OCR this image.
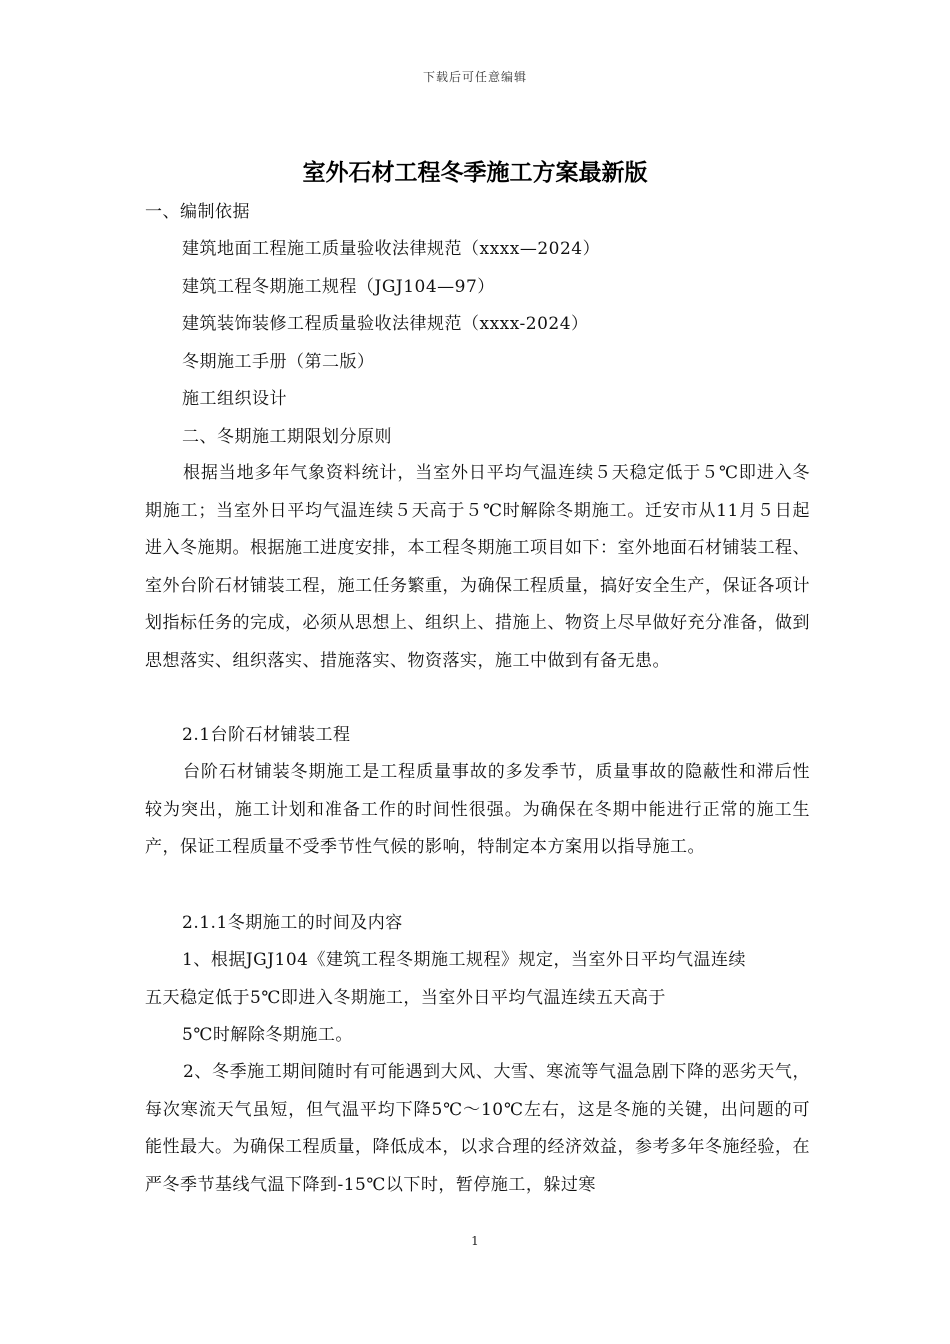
下载后可任意编辑
室外石材工程冬季施工方案最新版
一、编制依据
建筑地面工程施工质量验收法律规范（xxxx—2024）
建筑工程冬期施工规程（JGJ104—97）
建筑装饰装修工程质量验收法律规范（xxxx-2024）
冬期施工手册（第二版）
施工组织设计
二、冬期施工期限划分原则
根据当地多年气象资料统计，当室外日平均气温连续５天稳定低于５℃即进入冬期施工；当室外日平均气温连续５天高于５℃时解除冬期施工。迁安市从11月５日起进入冬施期。根据施工进度安排，本工程冬期施工项目如下：室外地面石材铺装工程、室外台阶石材铺装工程，施工任务繁重，为确保工程质量，搞好安全生产，保证各项计划指标任务的完成，必须从思想上、组织上、措施上、物资上尽早做好充分准备，做到思想落实、组织落实、措施落实、物资落实，施工中做到有备无患。
2.1台阶石材铺装工程
台阶石材铺装冬期施工是工程质量事故的多发季节，质量事故的隐蔽性和滞后性较为突出，施工计划和准备工作的时间性很强。为确保在冬期中能进行正常的施工生产，保证工程质量不受季节性气候的影响，特制定本方案用以指导施工。
2.1.1冬期施工的时间及内容
1、根据JGJ104《建筑工程冬期施工规程》规定，当室外日平均气温连续
五天稳定低于5℃即进入冬期施工，当室外日平均气温连续五天高于
5℃时解除冬期施工。
2、冬季施工期间随时有可能遇到大风、大雪、寒流等气温急剧下降的恶劣天气，每次寒流天气虽短，但气温平均下降5℃～10℃左右，这是冬施的关键，出问题的可能性最大。为确保工程质量，降低成本，以求合理的经济效益，参考多年冬施经验，在严冬季节基线气温下降到-15℃以下时，暂停施工，躲过寒
1
